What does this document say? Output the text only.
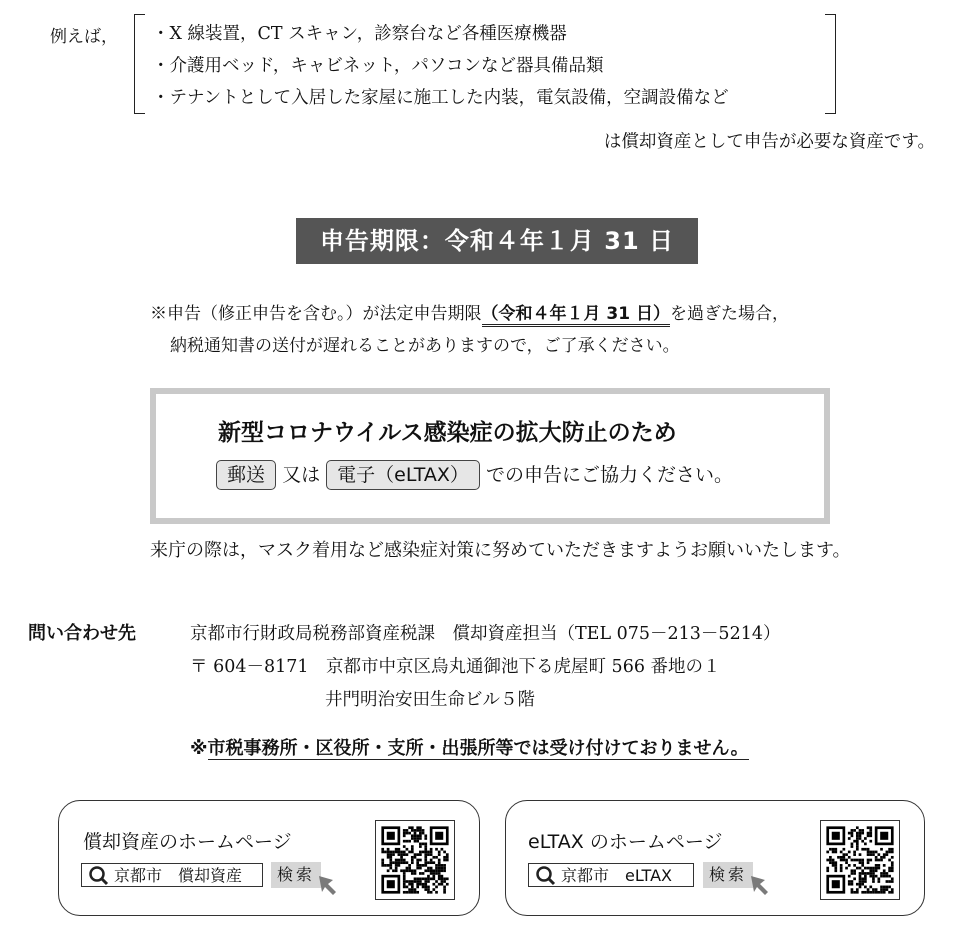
例えば， ・X 線装置，CT スキャン，診察台など各種医療機器
・介護用ベッド，キャビネット，パソコンなど器具備品類
・テナントとして入居した家屋に施工した内装，電気設備，空調設備など
は償却資産として申告が必要な資産です。
申告期限：令和４年１月 31 日
※申告（修正申告を含む。）が法定申告期限（令和４年１月 31 日）を過ぎた場合，
納税通知書の送付が遅れることがありますので，ご了承ください。
新型コロナウイルス感染症の拡大防止のため
郵送 又は 電子（eLTAX） での申告にご協力ください。
来庁の際は，マスク着用など感染症対策に努めていただきますようお願いいたします。
問い合わせ先	京都市行財政局税務部資産税課　償却資産担当（TEL 075－213－5214）
〒 604－8171　京都市中京区烏丸通御池下る虎屋町 566 番地の１
井門明治安田生命ビル５階
※市税事務所・区役所・支所・出張所等では受け付けておりません。
償却資産のホームページ
京都市　償却資産	検索
eLTAX のホームページ
京都市　eLTAX	検索
